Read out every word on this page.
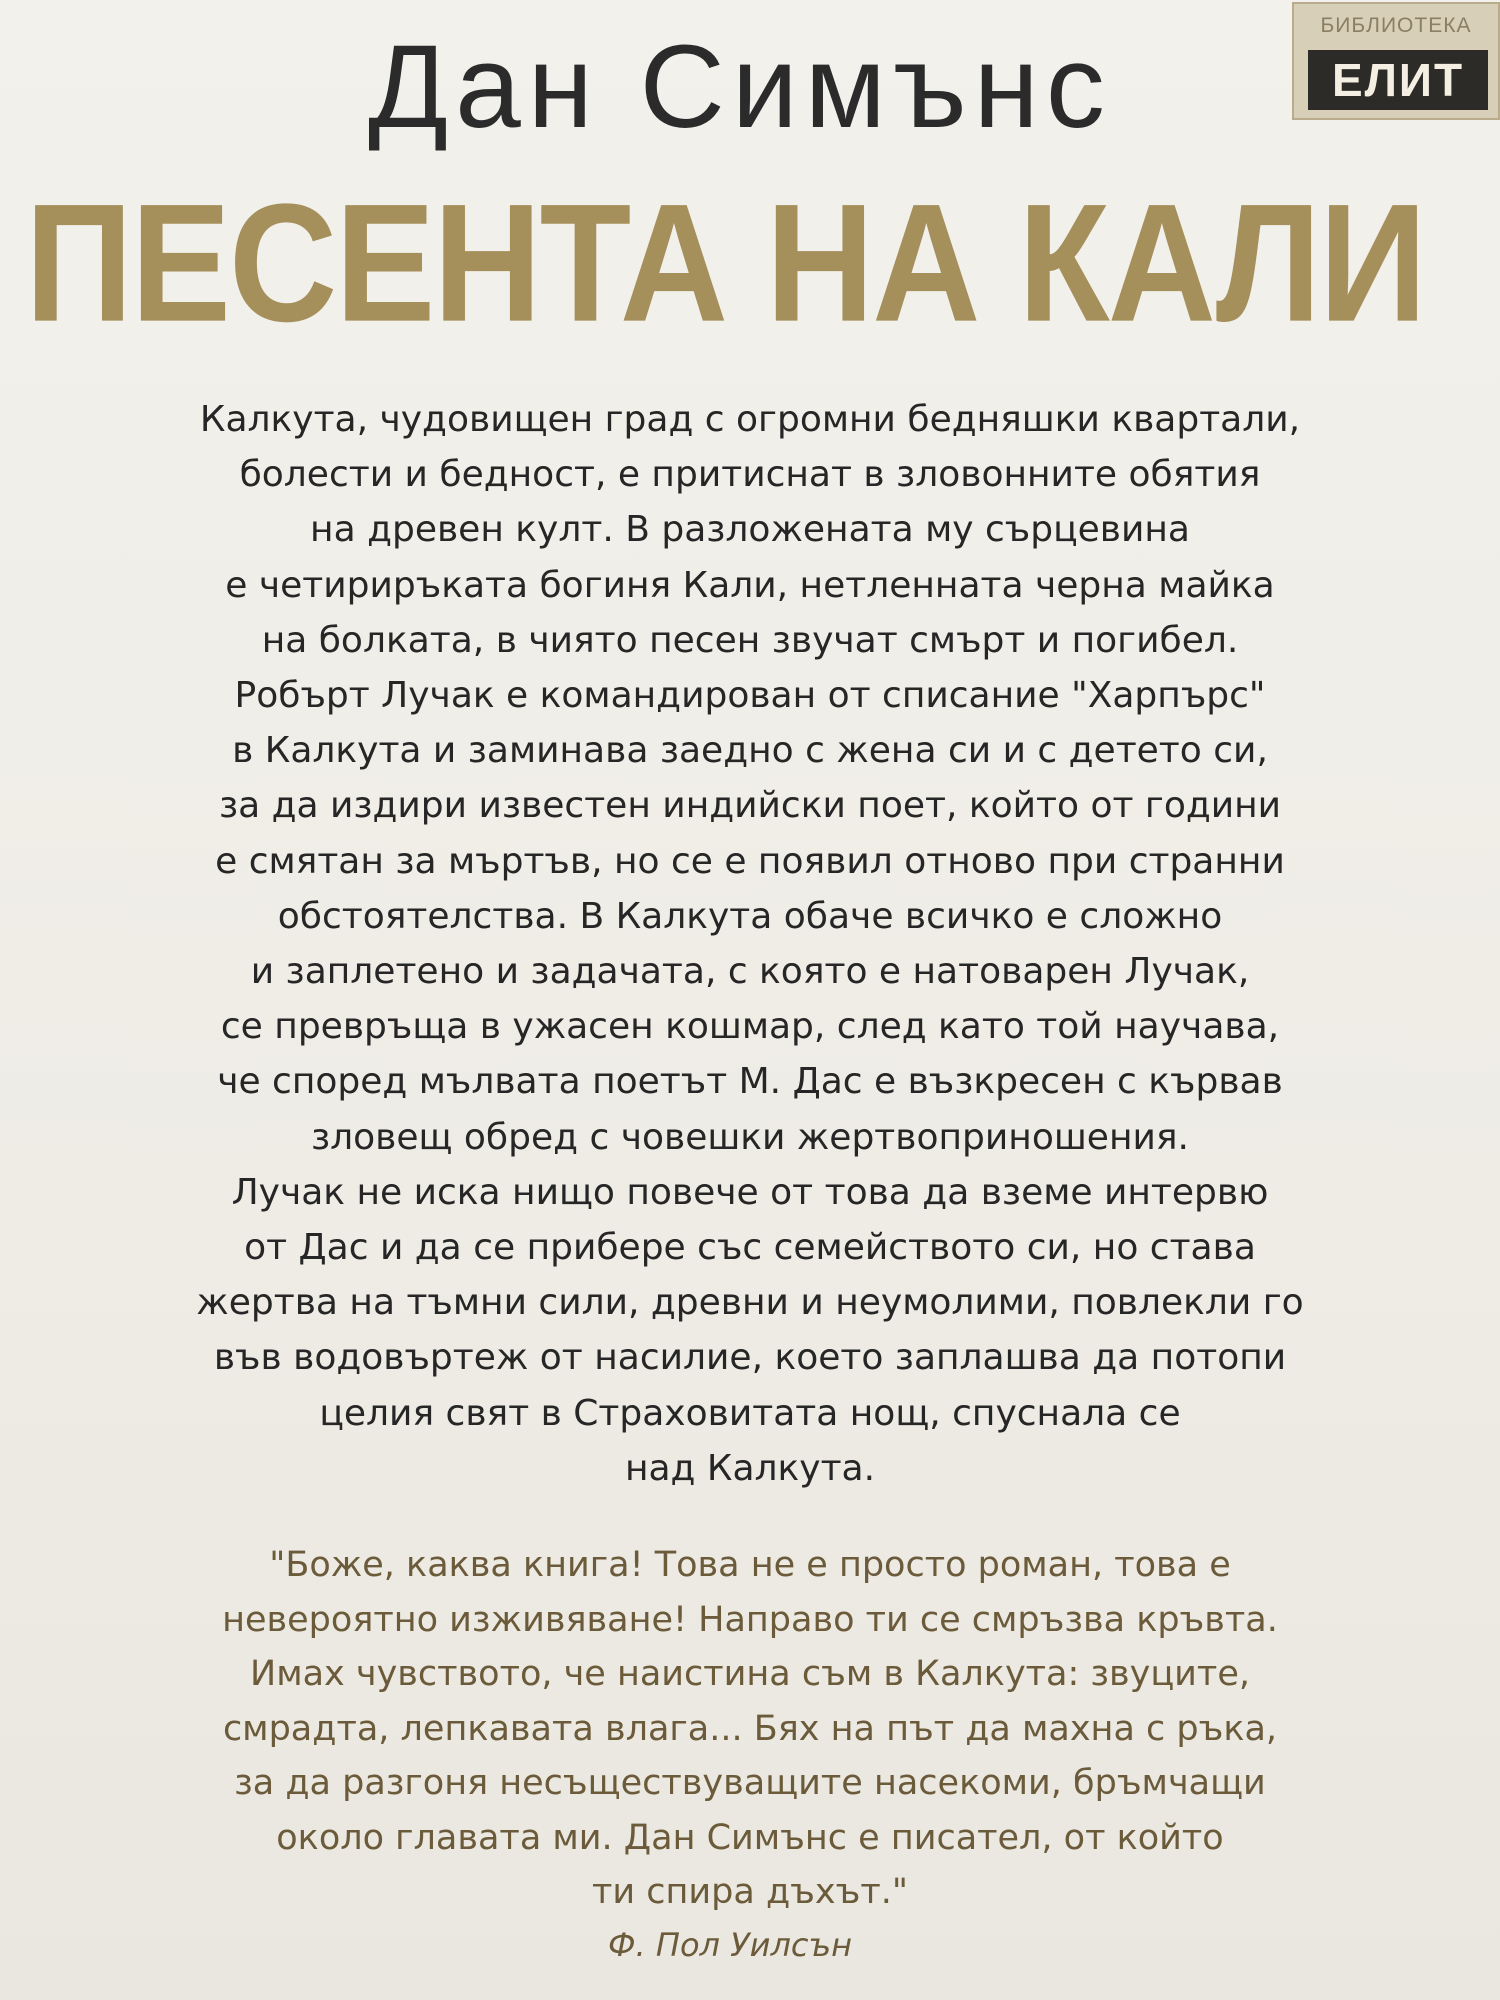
Дан Симънс
ПЕСЕНТА НА КАЛИ
БИБЛИОТЕКА
ЕЛИТ
Калкута, чудовищен град с огромни бедняшки квартали,
болести и бедност, е притиснат в зловонните обятия
на древен култ. В разложената му сърцевина
е четириръката богиня Кали, нетленната черна майка
на болката, в чиято песен звучат смърт и погибел.
Робърт Лучак е командирован от списание "Харпърс"
в Калкута и заминава заедно с жена си и с детето си,
за да издири известен индийски поет, който от години
е смятан за мъртъв, но се е появил отново при странни
обстоятелства. В Калкута обаче всичко е сложно
и заплетено и задачата, с която е натоварен Лучак,
се превръща в ужасен кошмар, след като той научава,
че според мълвата поетът М. Дас е възкресен с кървав
зловещ обред с човешки жертвоприношения.
Лучак не иска нищо повече от това да вземе интервю
от Дас и да се прибере със семейството си, но става
жертва на тъмни сили, древни и неумолими, повлекли го
във водовъртеж от насилие, което заплашва да потопи
целия свят в Страховитата нощ, спуснала се
над Калкута.
"Боже, каква книга! Това не е просто роман, това е
невероятно изживяване! Направо ти се смръзва кръвта.
Имах чувството, че наистина съм в Калкута: звуците,
смрадта, лепкавата влага... Бях на път да махна с ръка,
за да разгоня несъществуващите насекоми, бръмчащи
около главата ми. Дан Симънс е писател, от който
ти спира дъхът."
Ф. Пол Уилсън
